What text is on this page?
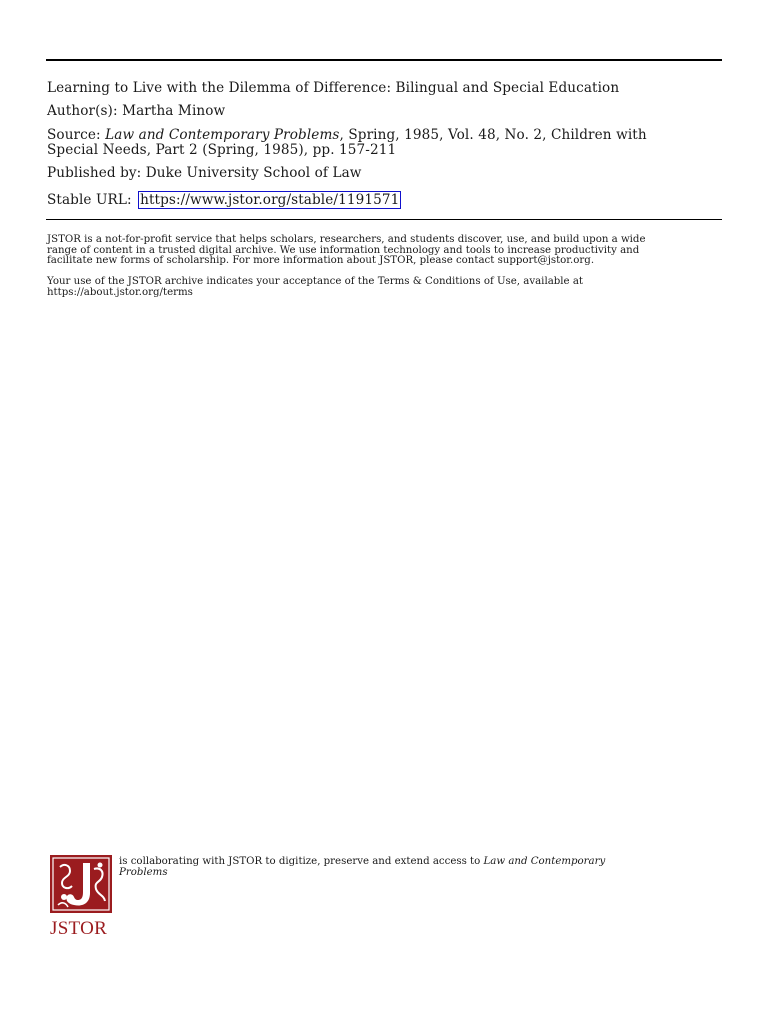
Learning to Live with the Dilemma of Difference: Bilingual and Special Education
Author(s): Martha Minow
Source: Law and Contemporary Problems, Spring, 1985, Vol. 48, No. 2, Children with
Special Needs, Part 2 (Spring, 1985), pp. 157-211
Published by: Duke University School of Law
Stable URL: https://www.jstor.org/stable/1191571
JSTOR is a not-for-profit service that helps scholars, researchers, and students discover, use, and build upon a wide
range of content in a trusted digital archive. We use information technology and tools to increase productivity and
facilitate new forms of scholarship. For more information about JSTOR, please contact support@jstor.org.
Your use of the JSTOR archive indicates your acceptance of the Terms & Conditions of Use, available at
https://about.jstor.org/terms
JSTOR
is collaborating with JSTOR to digitize, preserve and extend access to Law and Contemporary
Problems
